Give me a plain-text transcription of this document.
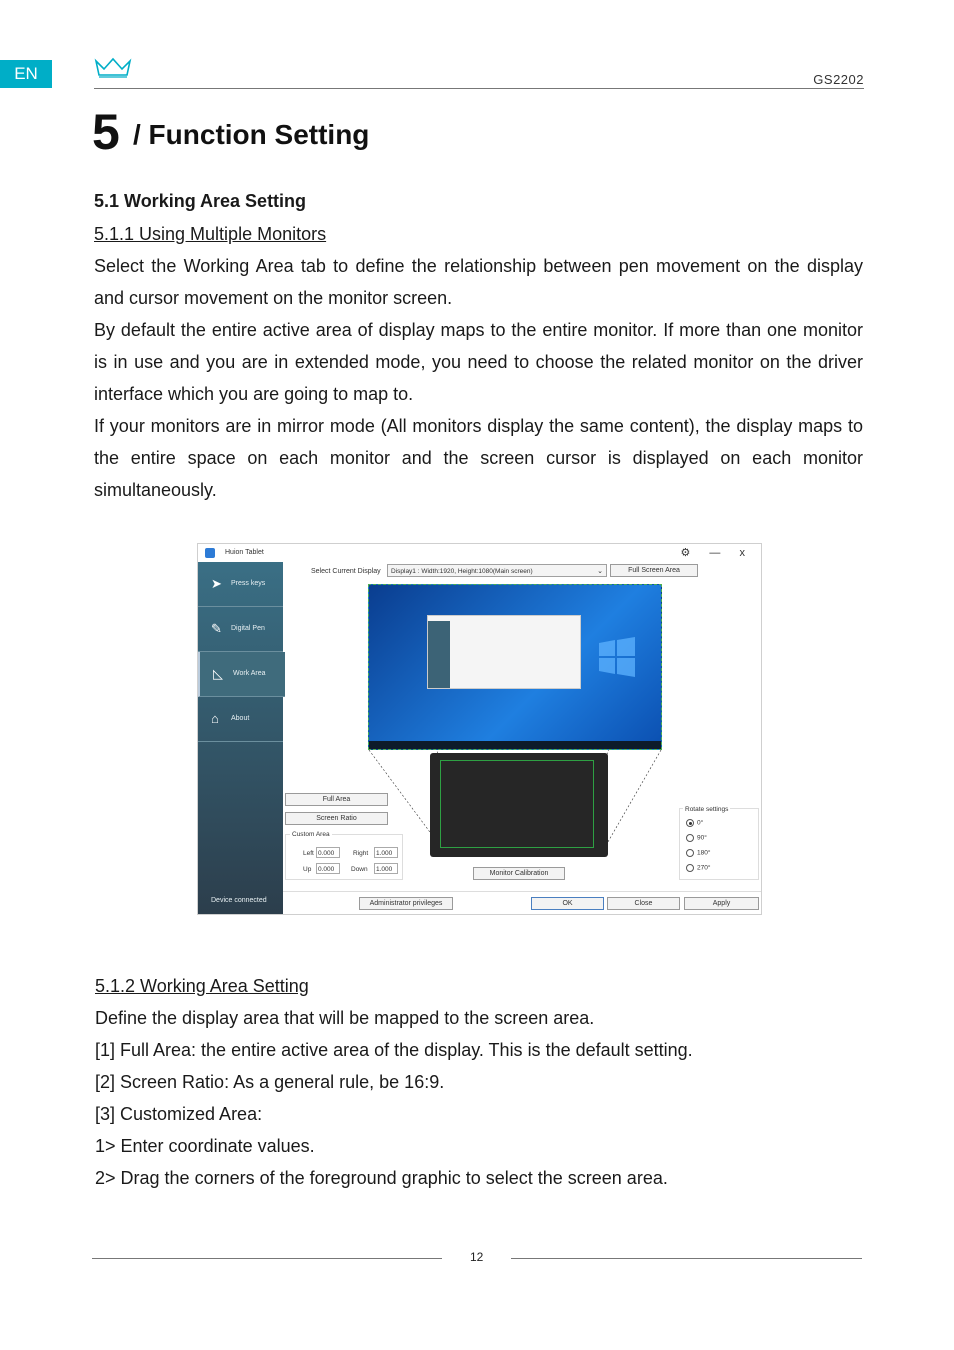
EN	GS2202
5 / Function Setting
5.1 Working Area Setting

5.1.1 Using Multiple Monitors

Select the Working Area tab to define the relationship between pen movement on the display and cursor movement on the monitor screen.

By default the entire active area of display maps to the entire monitor. If more than one monitor is in use and you are in extended mode, you need to choose the related monitor on the driver interface which you are going to map to.

If your monitors are in mirror mode (All monitors display the same content), the display maps to the entire space on each monitor and the screen cursor is displayed on each monitor simultaneously.

Huion Tablet	⚙ — x
➤ Press keys
✎ Digital Pen
◺ Work Area
⌂ About
Device connected
Select Current Display	Display1 : Width:1920, Height:1080(Main screen)	⌄	Full Screen Area
Full Area
Screen Ratio
Custom Area
Left 0.000	Right	1.000
Up	0.000	Down	1.000
Monitor Calibration
Rotate settings
0°
90°
180°
270°
Administrator privileges	OK	Close	Apply
5.1.2 Working Area Setting
Define the display area that will be mapped to the screen area.
[1] Full Area: the entire active area of the display. This is the default setting.
[2] Screen Ratio: As a general rule, be 16:9.
[3] Customized Area:
1> Enter coordinate values.
2> Drag the corners of the foreground graphic to select the screen area.
12
